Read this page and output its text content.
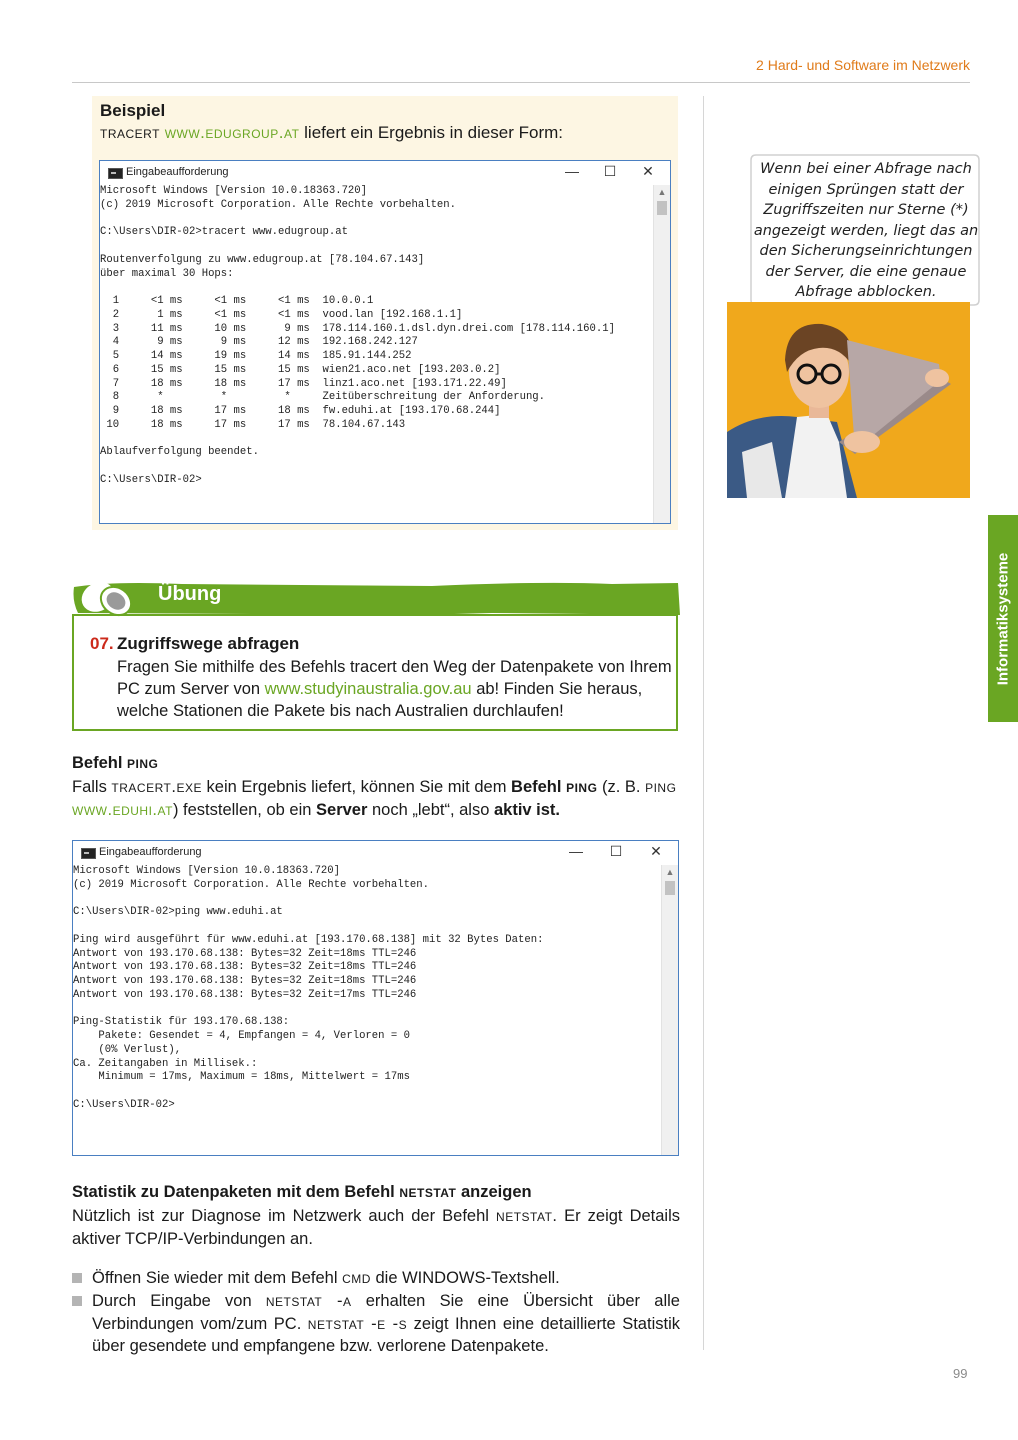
2 Hard- und Software im Netzwerk
Beispiel
tracert www.edugroup.at liefert ein Ergebnis in dieser Form:
Eingabeaufforderung	— ☐ ✕
Microsoft Windows [Version 10.0.18363.720]
(c) 2019 Microsoft Corporation. Alle Rechte vorbehalten.

C:\Users\DIR-02>tracert www.edugroup.at

Routenverfolgung zu www.edugroup.at [78.104.67.143]
über maximal 30 Hops:

1     <1 ms     <1 ms     <1 ms  10.0.0.1
2      1 ms     <1 ms     <1 ms  vood.lan [192.168.1.1]
3     11 ms     10 ms      9 ms  178.114.160.1.dsl.dyn.drei.com [178.114.160.1]
4      9 ms      9 ms     12 ms  192.168.242.127
5     14 ms     19 ms     14 ms  185.91.144.252
6     15 ms     15 ms     15 ms  wien21.aco.net [193.203.0.2]
7     18 ms     18 ms     17 ms  linz1.aco.net [193.171.22.49]
8      *         *         *     Zeitüberschreitung der Anforderung.
9     18 ms     17 ms     18 ms  fw.eduhi.at [193.170.68.244]
10     18 ms     17 ms     17 ms  78.104.67.143

Ablaufverfolgung beendet.

C:\Users\DIR-02>
▲
Übung
07. Zugriffswege abfragen
Fragen Sie mithilfe des Befehls tracert den Weg der Datenpakete von Ihrem PC zum Server von www.studyinaustralia.gov.au ab! Finden Sie heraus, welche Stationen die Pakete bis nach Australien durchlaufen!
Befehl ping
Falls tracert.exe kein Ergebnis liefert, können Sie mit dem Befehl ping (z. B. ping www.eduhi.at) feststellen, ob ein Server noch „lebt“, also aktiv ist.
Eingabeaufforderung	— ☐ ✕
Microsoft Windows [Version 10.0.18363.720]
(c) 2019 Microsoft Corporation. Alle Rechte vorbehalten.

C:\Users\DIR-02>ping www.eduhi.at

Ping wird ausgeführt für www.eduhi.at [193.170.68.138] mit 32 Bytes Daten:
Antwort von 193.170.68.138: Bytes=32 Zeit=18ms TTL=246
Antwort von 193.170.68.138: Bytes=32 Zeit=18ms TTL=246
Antwort von 193.170.68.138: Bytes=32 Zeit=18ms TTL=246
Antwort von 193.170.68.138: Bytes=32 Zeit=17ms TTL=246

Ping-Statistik für 193.170.68.138:
Pakete: Gesendet = 4, Empfangen = 4, Verloren = 0
(0% Verlust),
Ca. Zeitangaben in Millisek.:
Minimum = 17ms, Maximum = 18ms, Mittelwert = 17ms

C:\Users\DIR-02>
▲
Statistik zu Datenpaketen mit dem Befehl netstat anzeigen
Nützlich ist zur Diagnose im Netzwerk auch der Befehl netstat. Er zeigt Details aktiver TCP/IP-Verbindungen an.
Öffnen Sie wieder mit dem Befehl cmd die WINDOWS-Textshell.
Durch Eingabe von netstat -a erhalten Sie eine Übersicht über alle Verbindungen vom/zum PC. netstat -e -s zeigt Ihnen eine detaillierte Statistik über gesendete und empfangene bzw. verlorene Datenpakete.
Wenn bei einer Abfrage nach einigen Sprüngen statt der Zugriffszeiten nur Sterne (*) angezeigt werden, liegt das an den Sicherungseinrichtungen der Server, die eine genaue Abfrage abblocken.
Informatiksysteme
99
